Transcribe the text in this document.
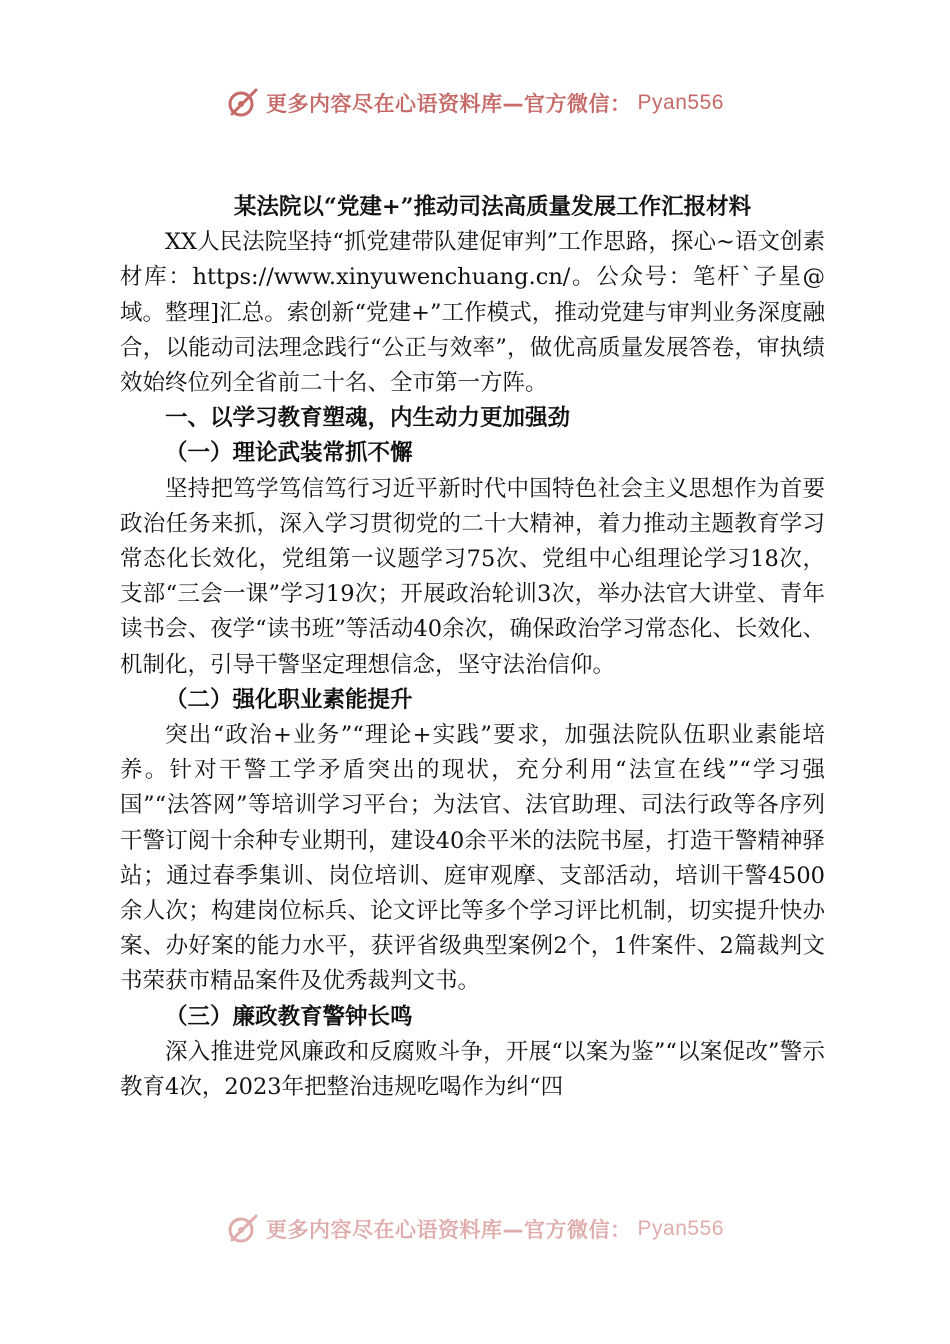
更多内容尽在心语资料库—官方微信： Pyan556

某法院以“党建+”推动司法高质量发展工作汇报材料

XX人民法院坚持“抓党建带队建促审判”工作思路，探心~语文创素材库：https://www.xinyuwenchuang.cn/。公众号：笔杆`子星@域。整理]汇总。索创新“党建+”工作模式，推动党建与审判业务深度融合，以能动司法理念践行“公正与效率”，做优高质量发展答卷，审执绩效始终位列全省前二十名、全市第一方阵。

一、以学习教育塑魂，内生动力更加强劲

（一）理论武装常抓不懈

坚持把笃学笃信笃行习近平新时代中国特色社会主义思想作为首要政治任务来抓，深入学习贯彻党的二十大精神，着力推动主题教育学习常态化长效化，党组第一议题学习75次、党组中心组理论学习18次，支部“三会一课”学习19次；开展政治轮训3次，举办法官大讲堂、青年读书会、夜学“读书班”等活动40余次，确保政治学习常态化、长效化、机制化，引导干警坚定理想信念，坚守法治信仰。

（二）强化职业素能提升

突出“政治+业务”“理论+实践”要求，加强法院队伍职业素能培养。针对干警工学矛盾突出的现状，充分利用“法宣在线”“学习强国”“法答网”等培训学习平台；为法官、法官助理、司法行政等各序列干警订阅十余种专业期刊，建设40余平米的法院书屋，打造干警精神驿站；通过春季集训、岗位培训、庭审观摩、支部活动，培训干警4500余人次；构建岗位标兵、论文评比等多个学习评比机制，切实提升快办案、办好案的能力水平，获评省级典型案例2个，1件案件、2篇裁判文书荣获市精品案件及优秀裁判文书。

（三）廉政教育警钟长鸣

深入推进党风廉政和反腐败斗争，开展“以案为鉴”“以案促改”警示教育4次，2023年把整治违规吃喝作为纠“四

更多内容尽在心语资料库—官方微信： Pyan556
